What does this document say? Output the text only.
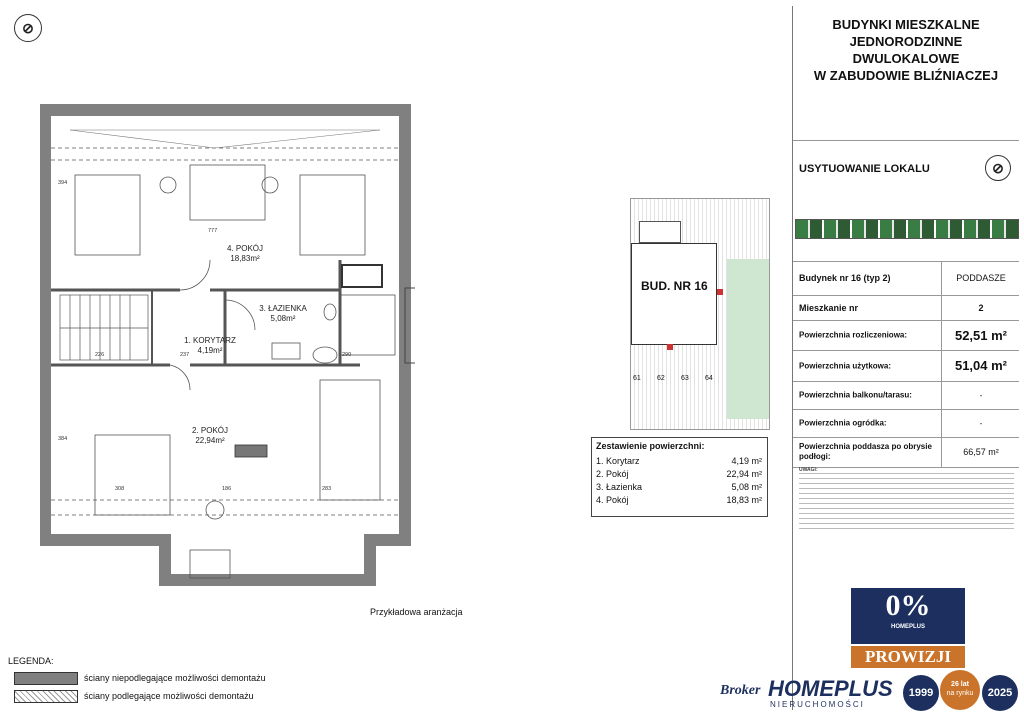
⊘
4. POKÓJ
18,83m²
3. ŁAZIENKA
5,08m²
1. KORYTARZ
4,19m²
2. POKÓJ
22,94m²
777
226	237	290
308	186	283
394
384
Przykładowa aranżacja
LEGENDA:
ściany niepodlegające możliwości demontażu
ściany podlegające możliwości demontażu
BUD. NR 16
61 62 63 64
Zestawienie powierzchni:
1. Korytarz	4,19 m²
2. Pokój	22,94 m²
3. Łazienka	5,08 m²
4. Pokój	18,83 m²
BUDYNKI MIESZKALNE
JEDNORODZINNE
DWULOKALOWE
W ZABUDOWIE BLIŹNIACZEJ
USYTUOWANIE LOKALU	⊘
Budynek nr 16 (typ 2)	PODDASZE
Mieszkanie nr	2
Powierzchnia rozliczeniowa:	52,51 m²
Powierzchnia użytkowa:	51,04 m²
Powierzchnia balkonu/tarasu:	-
Powierzchnia ogródka:	-
Powierzchnia poddasza po obrysie podłogi:	66,57 m²
UWAGI:
0%
HOMEPLUS
PROWIZJI
Broker HOMEPLUS
NIERUCHOMOŚCI
1999
26 lat
na rynku	2025
